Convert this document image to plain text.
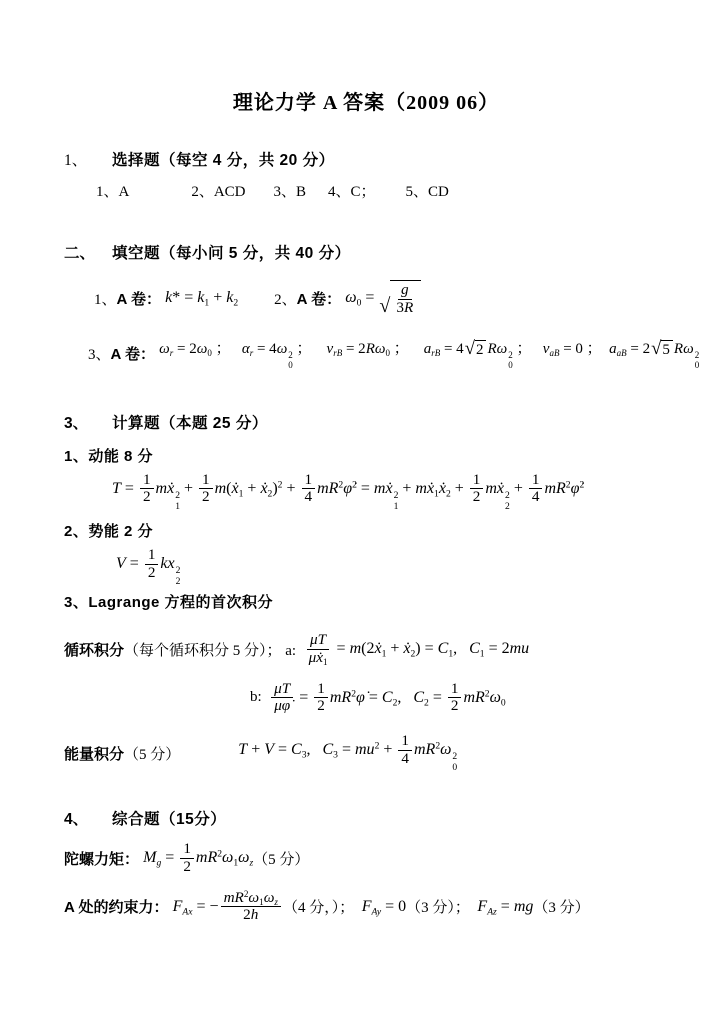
理论力学 A 答案（2009 06）
1、	选择题（每空 4 分，共 20 分）
1、A	2、ACD 3、B 4、C； 5、CD
二、	填空题（每小问 5 分，共 40 分）
1、 A 卷： $k* = k_1 + k_2$ 2、 A 卷： $\omega_0$ = √ $\frac{g}{3R}$
3、 A 卷： $\omega_r = 2\omega_0$ ；   $\alpha_r = 4\omega$ 2
0
；    $v_{rB} = 2R\omega_0$ ；    $a_{rB} = 4$ √ 2 Rω 2
0
；   $v_{aB} = 0$ ；  $a_{aB} = 2$ √ 5 Rω 2
0
3、	计算题（本题 25 分）
1、动能 8 分
$T = \frac{1}{2}$ mẋ 2
1
+ $\frac{1}{2}$ m(ẋ$_1$ + ẋ$_2$)$^2$ + $\frac{1}{4}$ $mR^2\varphi̇^2$ = mẋ 2
1
+ mẋ$_1$ẋ$_2$ + $\frac{1}{2}$ mẋ 2
2
+ $\frac{1}{4}$ $mR^2\varphi̇^2$
2、势能 2 分
$V = \frac{1}{2}$ kx 2
2
3、Lagrange 方程的首次积分
循环积分 （每个循环积分 5 分）； a: $\frac{\mu T}{\mu ẋ_1}$ = m(2ẋ$_1$ + ẋ$_2$) = $C_1$,   $C_1 = 2mu$
b: $\frac{\mu T}{\mu\varphi̇} = \frac{1}{2}$ $mR^2\varphi̇ = C_2$,   $C_2 = \frac{1}{2} mR^2\omega_0$
能量积分 （5 分）	$T + V = C_3$,   $C_3 = mu^2 + \frac{1}{4} mR^2\omega$ 2
0
4、	综合题（15分）
陀螺力矩： $M_g = \frac{1}{2} mR^2\omega_1\omega_z$ （5 分）
A 处的约束力： $F_{Ax}$ = − $\frac{mR^2\omega_1\omega_z}{2h} (4$ 分，）； $F_{Ay} = 0$ （3 分）； $F_{Az}$ = mg （3 分）
